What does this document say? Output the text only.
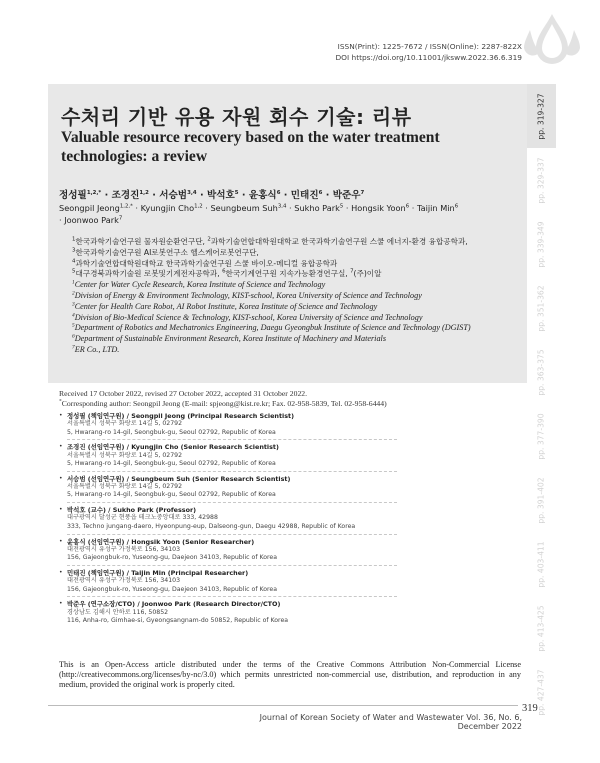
ISSN(Print): 1225-7672 / ISSN(Online): 2287-822X
DOI https://doi.org/10.11001/jksww.2022.36.6.319
pp. 319-327
pp. 329-337
pp. 339-349
pp. 351-362
pp. 363-375
pp. 377-390
pp. 391-402
pp. 403-411
pp. 413-425
pp. 427-437
수처리 기반 유용 자원 회수 기술: 리뷰
Valuable resource recovery based on the water treatment technologies: a review
정성필$^{1,2,*}$ · 조경진$^{1,2}$ · 서승범$^{3,4}$ · 박석호$^5$ · 윤홍식$^6$ · 민태진$^6$ · 박준우$^7$
Seongpil Jeong$^{1,2,*}$ · Kyungjin Cho$^{1,2}$ · Seungbeum Suh$^{3,4}$ · Sukho Park$^5$ · Hongsik Yoon$^6$ · Taijin Min$^6$ · Joonwoo Park$^7$
$^1$한국과학기술연구원 물자원순환연구단, $^2$과학기술연합대학원대학교 한국과학기술연구원 스쿨 에너지-환경 융합공학과,
$^3$한국과학기술연구원 AI로봇연구소 헬스케어로봇연구단,
$^4$과학기술연합대학원대학교 한국과학기술연구원 스쿨 바이오-메디컬 융합공학과
$^5$대구경북과학기술원 로봇및기계전자공학과, $^6$한국기계연구원 지속가능환경연구실, $^7$(주)이알
$^1$Center for Water Cycle Research, Korea Institute of Science and Technology
$^2$Division of Energy & Environment Technology, KIST-school, Korea University of Science and Technology
$^3$Center for Health Care Robot, AI Robot Institute, Korea Institute of Science and Technology
$^4$Division of Bio-Medical Science & Technology, KIST-school, Korea University of Science and Technology
$^5$Department of Robotics and Mechatronics Engineering, Daegu Gyeongbuk Institute of Science and Technology (DGIST)
$^6$Department of Sustainable Environment Research, Korea Institute of Machinery and Materials
$^7$ER Co., LTD.
Received 17 October 2022, revised 27 October 2022, accepted 31 October 2022.
*Corresponding author: Seongpil Jeong (E-mail: spjeong@kist.re.kr; Fax. 02-958-5839, Tel. 02-958-6444)
• 정성필 (책임연구원) / Seongpil Jeong (Principal Research Scientist)
서울특별시 성북구 화랑로 14길 5, 02792
5, Hwarang-ro 14-gil, Seongbuk-gu, Seoul 02792, Republic of Korea
• 조경진 (선임연구원) / Kyungjin Cho (Senior Research Scientist)
서울특별시 성북구 화랑로 14길 5, 02792
5, Hwarang-ro 14-gil, Seongbuk-gu, Seoul 02792, Republic of Korea
• 서승범 (선임연구원) / Seungbeum Suh (Senior Research Scientist)
서울특별시 성북구 화랑로 14길 5, 02792
5, Hwarang-ro 14-gil, Seongbuk-gu, Seoul 02792, Republic of Korea
• 박석호 (교수) / Sukho Park (Professor)
대구광역시 달성군 현풍읍 테크노중앙대로 333, 42988
333, Techno jungang-daero, Hyeonpung-eup, Dalseong-gun, Daegu 42988, Republic of Korea
• 윤홍식 (선임연구원) / Hongsik Yoon (Senior Researcher)
대전광역시 유성구 가정북로 156, 34103
156, Gajeongbuk-ro, Yuseong-gu, Daejeon 34103, Republic of Korea
• 민태진 (책임연구원) / Taijin Min (Principal Researcher)
대전광역시 유성구 가정북로 156, 34103
156, Gajeongbuk-ro, Yuseong-gu, Daejeon 34103, Republic of Korea
• 박준우 (연구소장/CTO) / Joonwoo Park (Research Director/CTO)
경상남도 김해시 안하로 116, 50852
116, Anha-ro, Gimhae-si, Gyeongsangnam-do 50852, Republic of Korea

This is an Open-Access article distributed under the terms of the Creative Commons Attribution Non-Commercial License (http://creativecommons.org/licenses/by-nc/3.0) which permits unrestricted non-commercial use, distribution, and reproduction in any medium, provided the original work is properly cited.

319
Journal of Korean Society of Water and Wastewater Vol. 36, No. 6, December 2022
